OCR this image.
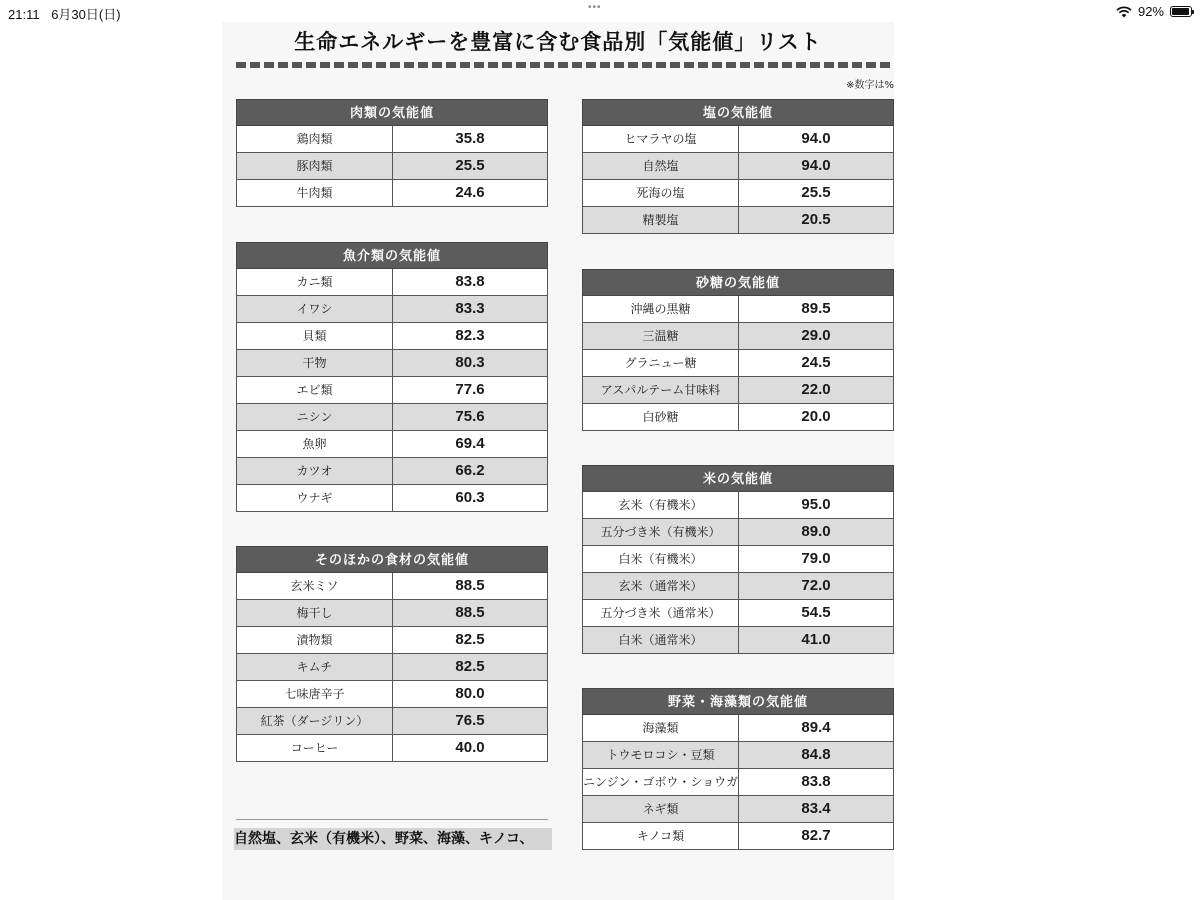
21:11 6月30日(日)	•••	92%
生命エネルギーを豊富に含む食品別「気能値」リスト
※数字は%
肉類の気能値
鶏肉類	35.8
豚肉類	25.5
牛肉類	24.6
魚介類の気能値
カニ類	83.8
イワシ	83.3
貝類	82.3
干物	80.3
エビ類	77.6
ニシン	75.6
魚卵	69.4
カツオ	66.2
ウナギ	60.3
そのほかの食材の気能値
玄米ミソ	88.5
梅干し	88.5
漬物類	82.5
キムチ	82.5
七味唐辛子	80.0
紅茶（ダージリン）	76.5
コーヒー	40.0
塩の気能値
ヒマラヤの塩	94.0
自然塩	94.0
死海の塩	25.5
精製塩	20.5
砂糖の気能値
沖縄の黒糖	89.5
三温糖	29.0
グラニュー糖	24.5
アスパルテーム甘味料	22.0
白砂糖	20.0
米の気能値
玄米（有機米）	95.0
五分づき米（有機米）	89.0
白米（有機米）	79.0
玄米（通常米）	72.0
五分づき米（通常米）	54.5
白米（通常米）	41.0
野菜・海藻類の気能値
海藻類	89.4
トウモロコシ・豆類	84.8
ニンジン・ゴボウ・ショウガ	83.8
ネギ類	83.4
キノコ類	82.7
自然塩、玄米（有機米）、野菜、海藻、キノコ、
